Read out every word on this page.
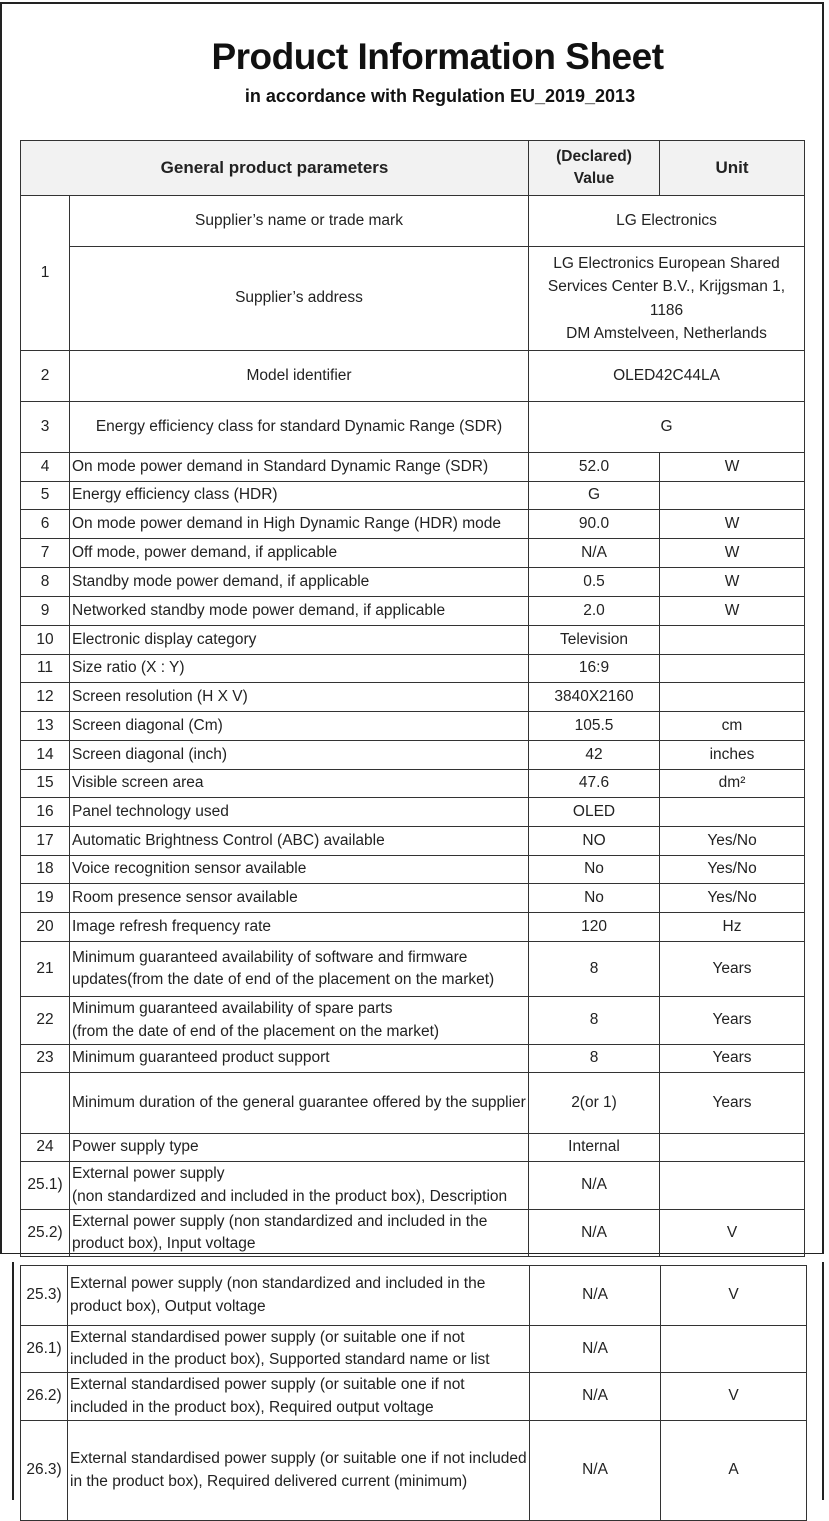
Product Information Sheet
in accordance with Regulation EU_2019_2013
General product parameters		(Declared)
Value	Unit
1	Supplier’s name or trade mark	LG Electronics	
	Supplier’s address	LG Electronics European Shared
Services Center B.V., Krijgsman 1, 1186
DM Amstelveen, Netherlands	
2	Model identifier	OLED42C44LA	
3	Energy efficiency class for standard Dynamic Range (SDR)	G	
4	On mode power demand in Standard Dynamic Range (SDR)	52.0	W
5	Energy efficiency class (HDR)	G	
6	On mode power demand in High Dynamic Range (HDR) mode	90.0	W
7	Off mode, power demand, if applicable	N/A	W
8	Standby mode power demand, if applicable	0.5	W
9	Networked standby mode power demand, if applicable	2.0	W
10	Electronic display category	Television	
11	Size ratio (X : Y)	16:9	
12	Screen resolution (H X V)	3840X2160	
13	Screen diagonal (Cm)	105.5	cm
14	Screen diagonal (inch)	42	inches
15	Visible screen area	47.6	dm²
16	Panel technology used	OLED	
17	Automatic Brightness Control (ABC) available	NO	Yes/No
18	Voice recognition sensor available	No	Yes/No
19	Room presence sensor available	No	Yes/No
20	Image refresh frequency rate	120	Hz
21	Minimum guaranteed availability of software and firmware
updates(from the date of end of the placement on the market)	8	Years
22	Minimum guaranteed availability of spare parts
(from the date of end of the placement on the market)	8	Years
23	Minimum guaranteed product support	8	Years
	Minimum duration of the general guarantee offered by the supplier	2(or 1)	Years
24	Power supply type	Internal	
25.1)	External power supply
(non standardized and included in the product box), Description	N/A	
25.2)	External power supply (non standardized and included in the
product box), Input voltage	N/A	V
25.3)	External power supply (non standardized and included in the
product box), Output voltage	N/A	V
26.1)	External standardised power supply (or suitable one if not
included in the product box), Supported standard name or list	N/A	
26.2)	External standardised power supply (or suitable one if not
included in the product box), Required output voltage	N/A	V
26.3)	External standardised power supply (or suitable one if not included
in the product box), Required delivered current (minimum)	N/A	A
